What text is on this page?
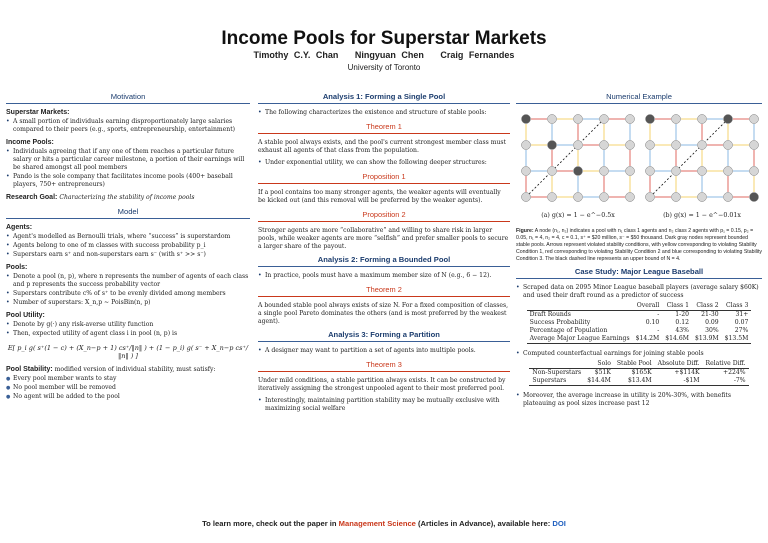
Income Pools for Superstar Markets
Timothy C.Y. Chan Ningyuan Chen Craig Fernandes
University of Toronto
Motivation
Superstar Markets:
• A small portion of individuals earning disproportionately large salaries compared to their peers (e.g., sports, entrepreneurship, entertainment)
Income Pools:
• Individuals agreeing that if any one of them reaches a particular future salary or hits a particular career milestone, a portion of their earnings will be shared amongst all pool members
• Pando is the sole company that facilitates income pools (400+ baseball players, 750+ entrepreneurs)
Research Goal: Characterizing the stability of income pools
Model
Agents:
• Agent's modelled as Bernoulli trials, where “success” is superstardom
• Agents belong to one of m classes with success probability p_i
• Superstars earn s⁺ and non-superstars earn s⁻ (with s⁺ >> s⁻)
Pools:
• Denote a pool (n, p), where n represents the number of agents of each class and p represents the success probability vector
• Superstars contribute c% of s⁺ to be evenly divided among members
• Number of superstars: X_n,p ~ PoisBin(n, p)
Pool Utility:
• Denote by g(·) any risk-averse utility function
• Then, expected utility of agent class i in pool (n, p) is
E[ p_i g( s⁺(1 − c) + (X_n−p + 1) cs⁺/‖n‖ ) + (1 − p_i) g( s⁻ + X_n−p cs⁺/‖n‖ ) ]
Pool Stability: modified version of individual stability, must satisfy:
● Every pool member wants to stay
● No pool member will be removed
● No agent will be added to the pool
Analysis 1: Forming a Single Pool
• The following characterizes the existence and structure of stable pools:
Theorem 1

A stable pool always exists, and the pool's current strongest member class must exhaust all agents of that class from the population.

• Under exponential utility, we can show the following deeper structures:
Proposition 1

If a pool contains too many stronger agents, the weaker agents will eventually be kicked out (and this removal will be preferred by the weaker agents).

Proposition 2

Stronger agents are more “collaborative” and willing to share risk in larger pools, while weaker agents are more “selfish” and prefer smaller pools to secure a larger share of the payout.

Analysis 2: Forming a Bounded Pool
• In practice, pools must have a maximum member size of N (e.g., 6 − 12).
Theorem 2

A bounded stable pool always exists of size N. For a fixed composition of classes, a single pool Pareto dominates the others (and is most preferred by the weakest agent).

Analysis 3: Forming a Partition
• A designer may want to partition a set of agents into multiple pools.
Theorem 3

Under mild conditions, a stable partition always exists. It can be constructed by iteratively assigning the strongest unpooled agent to their most preferred pool.

• Interestingly, maintaining partition stability may be mutually exclusive with maximizing social welfare
Numerical Example
(a) g(x) = 1 − e^−0.5x	(b) g(x) = 1 − e^−0.01x
Figure: A node (n₁, n₂) indicates a pool with n₁ class 1 agents and n₂ class 2 agents with p₁ = 0.15, p₂ = 0.05, n₁ = 4, n₂ = 4, c = 0.1, s⁺ = $20 million, s⁻ = $50 thousand. Dark gray nodes represent bounded stable pools. Arrows represent violated stability conditions, with yellow corresponding to violating Stability Condition 1, red corresponding to violating Stability Condition 2 and blue corresponding to violating Stability Condition 3. The black dashed line represents an upper bound of N = 4.
Case Study: Major League Baseball
• Scraped data on 2095 Minor League baseball players (average salary $60K) and used their draft round as a predictor of success
	Overall	Class 1	Class 2	Class 3
Draft Rounds	-	1-20	21-30	31+
Success Probability	0.10	0.12	0.09	0.07
Percentage of Population	-	43%	30%	27%
Average Major League Earnings	$14.2M	$14.6M	$13.9M	$13.5M
• Computed counterfactual earnings for joining stable pools
	Solo	Stable Pool	Absolute Diff.	Relative Diff.
Non-Superstars	$51K	$165K	+$114K	+224%
Superstars	$14.4M	$13.4M	-$1M	-7%
• Moreover, the average increase in utility is 20%-30%, with benefits plateauing as pool sizes increase past 12
To learn more, check out the paper in Management Science (Articles in Advance), available here: DOI
